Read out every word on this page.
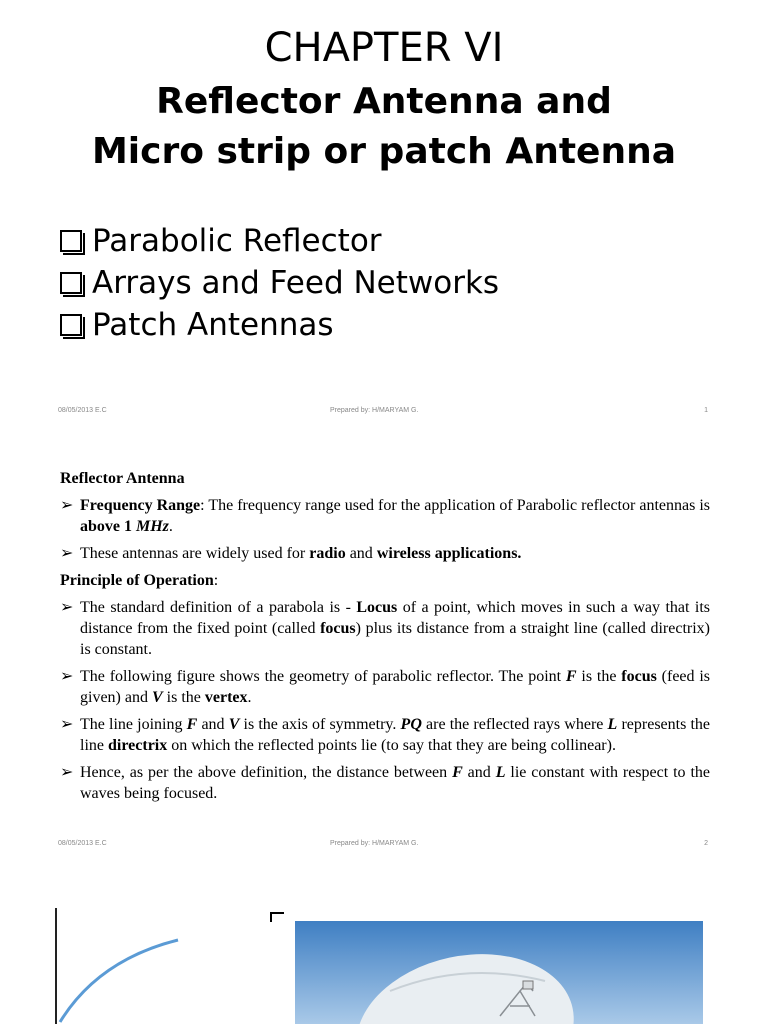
CHAPTER VI
Reflector Antenna and
Micro strip or patch Antenna
Parabolic Reflector
Arrays and Feed Networks
Patch Antennas
08/05/2013 E.C	Prepared by: H/MARYAM G.	1
Reflector Antenna
➢ Frequency Range: The frequency range used for the application of Parabolic reflector antennas is above 1 MHz.
➢ These antennas are widely used for radio and wireless applications.
Principle of Operation:
➢ The standard definition of a parabola is - Locus of a point, which moves in such a way that its distance from the fixed point (called focus) plus its distance from a straight line (called directrix) is constant.
➢ The following figure shows the geometry of parabolic reflector. The point F is the focus (feed is given) and V is the vertex.
➢ The line joining F and V is the axis of symmetry. PQ are the reflected rays where L represents the line directrix on which the reflected points lie (to say that they are being collinear).
➢ Hence, as per the above definition, the distance between F and L lie constant with respect to the waves being focused.
08/05/2013 E.C	Prepared by: H/MARYAM G.	2
